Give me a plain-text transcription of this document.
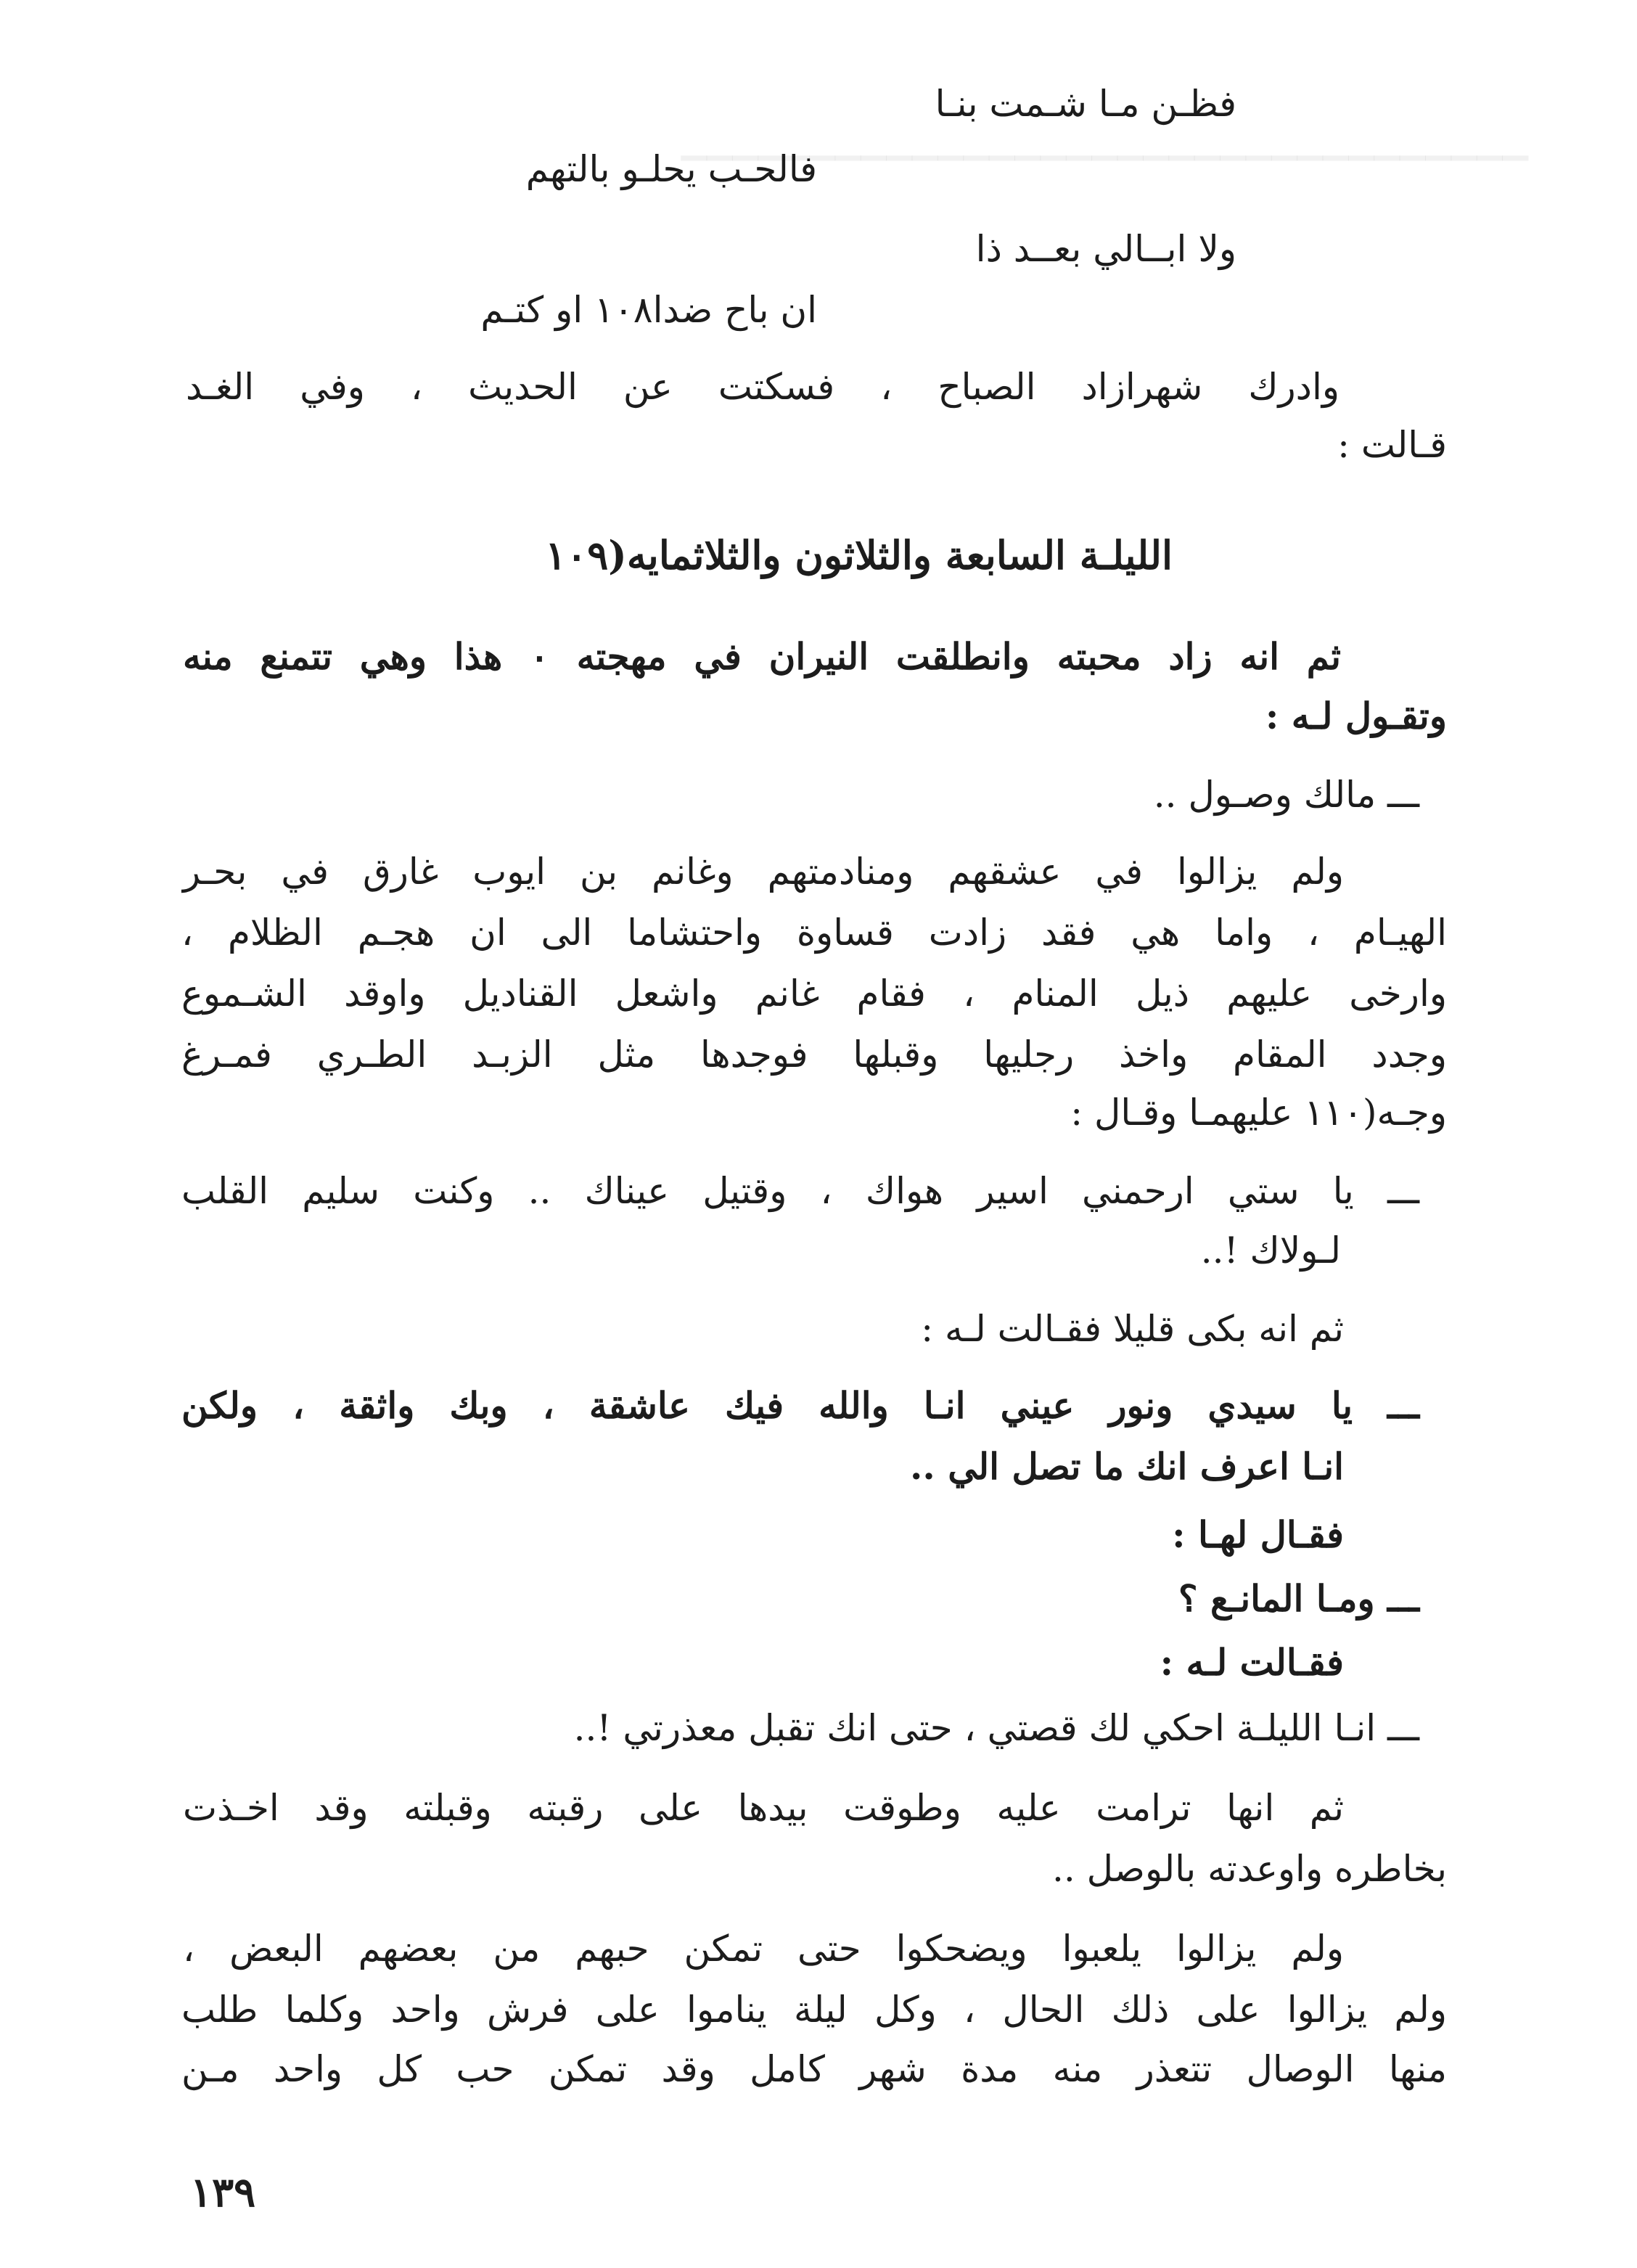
▁▁▁▁▁▁▁▁▁▁▁▁▁▁▁▁▁▁▁▁▁▁▁▁▁▁▁▁▁▁▁▁▁
فظـن مـا شـمت بنـا
فالحـب يحلـو بالتهم
ولا ابــالي بعــد ذا
ان باح ضدا١٠٨ او كتـم
وادرك شهرازاد الصباح ، فسكتت عن الحديث ، وفي الغـد
قـالت :
الليلـة السابعة والثلاثون والثلاثمايه(١٠٩
ثم انه زاد محبته وانطلقت النيران في مهجته ٠ هذا وهي تتمنع منه
وتقـول لـه :
ـــ مالك وصـول ..
ولم يزالوا في عشقهم ومنادمتهم وغانم بن ايوب غارق في بحـر
الهيـام ، واما هي فقد زادت قساوة واحتشاما الى ان هجـم الظلام ،
وارخى عليهم ذيل المنام ، فقام غانم واشعل القناديل واوقد الشـموع
وجدد المقام واخذ رجليها وقبلها فوجدها مثل الزبـد الطـري فمـرغ
وجـه(١١٠ عليهمـا وقـال :
ـــ يا ستي ارحمني اسير هواك ، وقتيل عيناك .. وكنت سليم القلب
لـولاك !..
ثم انه بكى قليلا فقـالت لـه :
ـــ يا سيدي ونور عيني انـا والله فيك عاشقة ، وبك واثقة ، ولكن
انـا اعرف انك ما تصل الي ..
فقـال لهـا :
ـــ ومـا المانـع ؟
فقـالت لـه :
ـــ انـا الليلـة احكي لك قصتي ، حتى انك تقبل معذرتي !..
ثم انها ترامت عليه وطوقت بيدها على رقبته وقبلته وقد اخـذت
بخاطره واوعدته بالوصل ..
ولم يزالوا يلعبوا ويضحكوا حتى تمكن حبهم من بعضهم البعض ،
ولم يزالوا على ذلك الحال ، وكل ليلة يناموا على فرش واحد وكلما طلب
منها الوصال تتعذر منه مدة شهر كامل وقد تمكن حب كل واحد مـن
١٣٩
